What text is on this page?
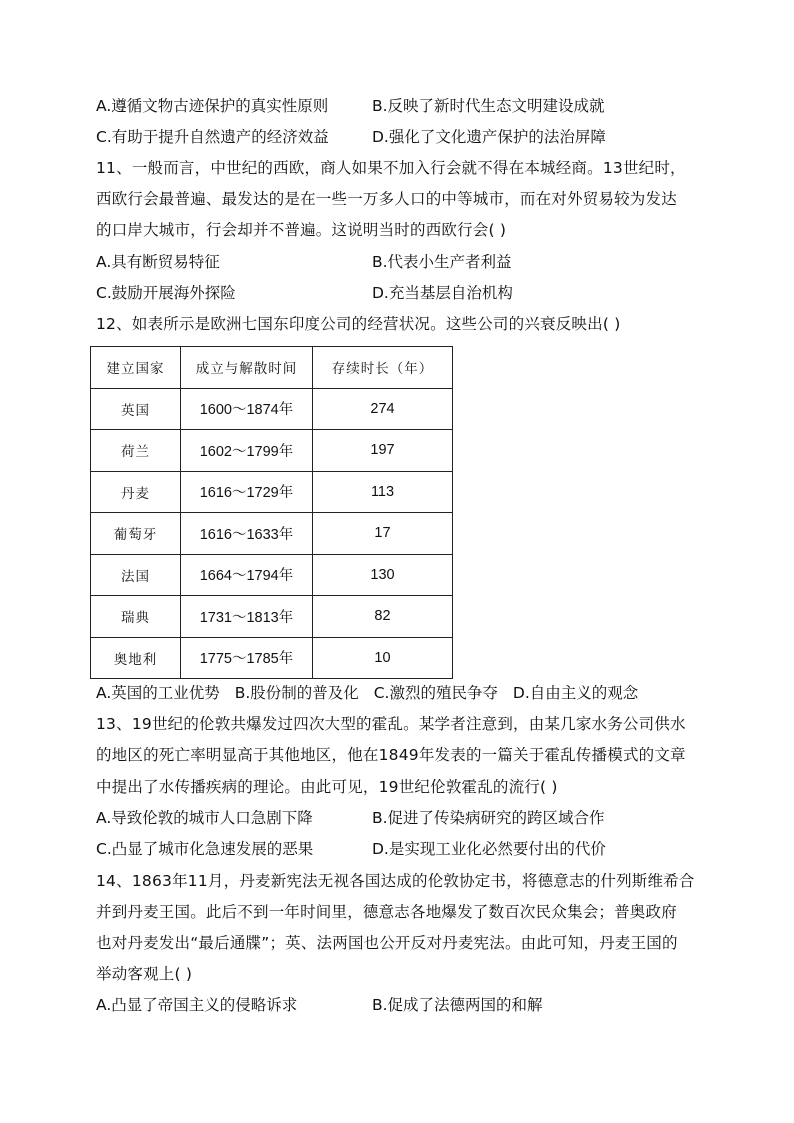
A.遵循文物古迹保护的真实性原则	B.反映了新时代生态文明建设成就
C.有助于提升自然遗产的经济效益	D.强化了文化遗产保护的法治屏障
11、一般而言，中世纪的西欧，商人如果不加入行会就不得在本城经商。13世纪时，
西欧行会最普遍、最发达的是在一些一万多人口的中等城市，而在对外贸易较为发达
的口岸大城市，行会却并不普遍。这说明当时的西欧行会( )
A.具有断贸易特征	B.代表小生产者利益
C.鼓励开展海外探险	D.充当基层自治机构
12、如表所示是欧洲七国东印度公司的经营状况。这些公司的兴衰反映出( )
建立国家	成立与解散时间	存续时长（年）
英国	1600～1874年	274
荷兰	1602～1799年	197
丹麦	1616～1729年	113
葡萄牙	1616～1633年	17
法国	1664～1794年	130
瑞典	1731～1813年	82
奥地利	1775～1785年	10
A.英国的工业优势 B.股份制的普及化 C.激烈的殖民争夺 D.自由主义的观念
13、19世纪的伦敦共爆发过四次大型的霍乱。某学者注意到，由某几家水务公司供水
的地区的死亡率明显高于其他地区，他在1849年发表的一篇关于霍乱传播模式的文章
中提出了水传播疾病的理论。由此可见，19世纪伦敦霍乱的流行( )
A.导致伦敦的城市人口急剧下降	B.促进了传染病研究的跨区域合作
C.凸显了城市化急速发展的恶果	D.是实现工业化必然要付出的代价
14、1863年11月，丹麦新宪法无视各国达成的伦敦协定书，将德意志的什列斯维希合
并到丹麦王国。此后不到一年时间里，德意志各地爆发了数百次民众集会；普奥政府
也对丹麦发出“最后通牒”；英、法两国也公开反对丹麦宪法。由此可知，丹麦王国的
举动客观上( )
A.凸显了帝国主义的侵略诉求	B.促成了法德两国的和解
